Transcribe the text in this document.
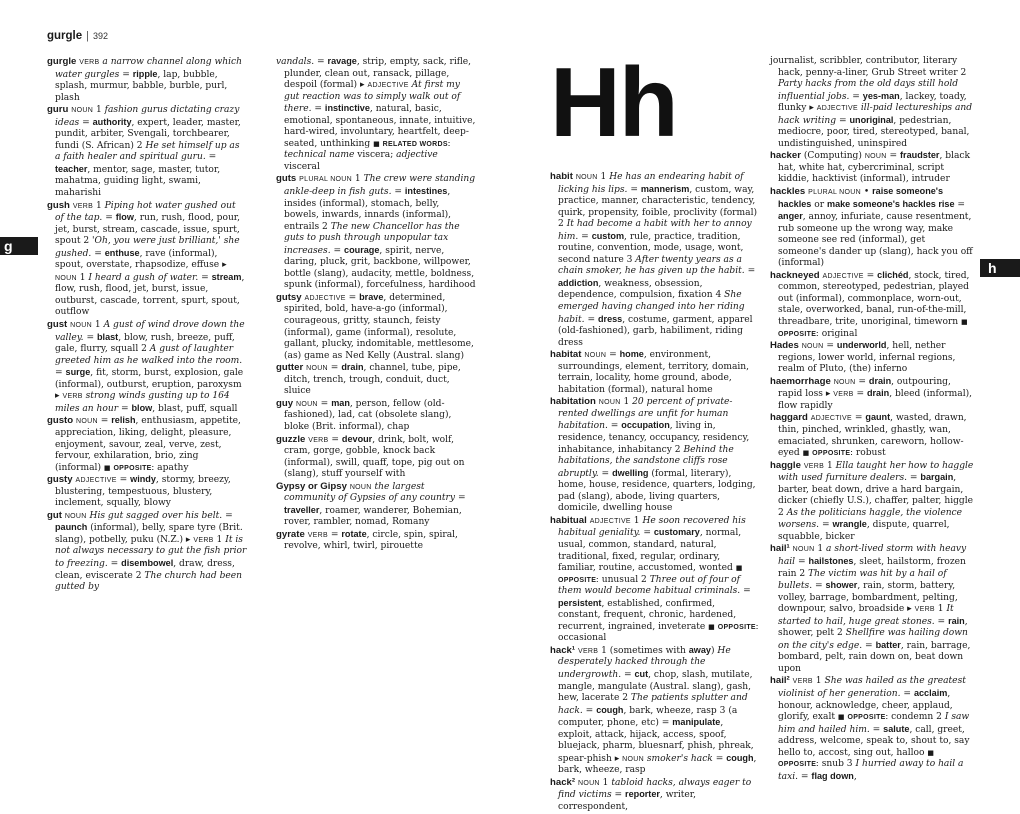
gurgle | 392

gurgle VERB a narrow channel along which water gurgles = ripple, lap, bubble, splash, murmur, babble, burble, purl, plash

guru NOUN 1 fashion gurus dictating crazy ideas = authority, expert, leader, master, pundit, arbiter, Svengali, torchbearer, fundi (S. African) 2 He set himself up as a faith healer and spiritual guru. = teacher, mentor, sage, master, tutor, mahatma, guiding light, swami, maharishi

gush VERB 1 Piping hot water gushed out of the tap. = flow, run, rush, flood, pour, jet, burst, stream, cascade, issue, spurt, spout 2 'Oh, you were just brilliant,' she gushed. = enthuse, rave (informal), spout, overstate, rhapsodize, effuse ▸ NOUN 1 I heard a gush of water. = stream, flow, rush, flood, jet, burst, issue, outburst, cascade, torrent, spurt, spout, outflow

gust NOUN 1 A gust of wind drove down the valley. = blast, blow, rush, breeze, puff, gale, flurry, squall 2 A gust of laughter greeted him as he walked into the room. = surge, fit, storm, burst, explosion, gale (informal), outburst, eruption, paroxysm ▸ VERB strong winds gusting up to 164 miles an hour = blow, blast, puff, squall

gusto NOUN = relish, enthusiasm, appetite, appreciation, liking, delight, pleasure, enjoyment, savour, zeal, verve, zest, fervour, exhilaration, brio, zing (informal) ■ OPPOSITE: apathy

gusty ADJECTIVE = windy, stormy, breezy, blustering, tempestuous, blustery, inclement, squally, blowy

gut NOUN His gut sagged over his belt. = paunch (informal), belly, spare tyre (Brit. slang), potbelly, puku (N.Z.) ▸ VERB 1 It is not always necessary to gut the fish prior to freezing. = disembowel, draw, dress, clean, eviscerate 2 The church had been gutted by

vandals. = ravage, strip, empty, sack, rifle, plunder, clean out, ransack, pillage, despoil (formal) ▸ ADJECTIVE At first my gut reaction was to simply walk out of there. = instinctive, natural, basic, emotional, spontaneous, innate, intuitive, hard-wired, involuntary, heartfelt, deep-seated, unthinking ■ RELATED WORDS: technical name viscera; adjective visceral

guts PLURAL NOUN 1 The crew were standing ankle-deep in fish guts. = intestines, insides (informal), stomach, belly, bowels, inwards, innards (informal), entrails 2 The new Chancellor has the guts to push through unpopular tax increases. = courage, spirit, nerve, daring, pluck, grit, backbone, willpower, bottle (slang), audacity, mettle, boldness, spunk (informal), forcefulness, hardihood

gutsy ADJECTIVE = brave, determined, spirited, bold, have-a-go (informal), courageous, gritty, staunch, feisty (informal), game (informal), resolute, gallant, plucky, indomitable, mettlesome, (as) game as Ned Kelly (Austral. slang)

gutter NOUN = drain, channel, tube, pipe, ditch, trench, trough, conduit, duct, sluice

guy NOUN = man, person, fellow (old-fashioned), lad, cat (obsolete slang), bloke (Brit. informal), chap

guzzle VERB = devour, drink, bolt, wolf, cram, gorge, gobble, knock back (informal), swill, quaff, tope, pig out on (slang), stuff yourself with

Gypsy or Gipsy NOUN the largest community of Gypsies of any country = traveller, roamer, wanderer, Bohemian, rover, rambler, nomad, Romany

gyrate VERB = rotate, circle, spin, spiral, revolve, whirl, twirl, pirouette

g
Hh

habit NOUN 1 He has an endearing habit of licking his lips. = mannerism, custom, way, practice, manner, characteristic, tendency, quirk, propensity, foible, proclivity (formal) 2 It had become a habit with her to annoy him. = custom, rule, practice, tradition, routine, convention, mode, usage, wont, second nature 3 After twenty years as a chain smoker, he has given up the habit. = addiction, weakness, obsession, dependence, compulsion, fixation 4 She emerged having changed into her riding habit. = dress, costume, garment, apparel (old-fashioned), garb, habiliment, riding dress

habitat NOUN = home, environment, surroundings, element, territory, domain, terrain, locality, home ground, abode, habitation (formal), natural home

habitation NOUN 1 20 percent of private-rented dwellings are unfit for human habitation. = occupation, living in, residence, tenancy, occupancy, residency, inhabitance, inhabitancy 2 Behind the habitations, the sandstone cliffs rose abruptly. = dwelling (formal, literary), home, house, residence, quarters, lodging, pad (slang), abode, living quarters, domicile, dwelling house

habitual ADJECTIVE 1 He soon recovered his habitual geniality. = customary, normal, usual, common, standard, natural, traditional, fixed, regular, ordinary, familiar, routine, accustomed, wonted ■ OPPOSITE: unusual 2 Three out of four of them would become habitual criminals. = persistent, established, confirmed, constant, frequent, chronic, hardened, recurrent, ingrained, inveterate ■ OPPOSITE: occasional

hack¹ VERB 1 (sometimes with away) He desperately hacked through the undergrowth. = cut, chop, slash, mutilate, mangle, mangulate (Austral. slang), gash, hew, lacerate 2 The patients splutter and hack. = cough, bark, wheeze, rasp 3 (a computer, phone, etc) = manipulate, exploit, attack, hijack, access, spoof, bluejack, pharm, bluesnarf, phish, phreak, spear-phish ▸ NOUN smoker's hack = cough, bark, wheeze, rasp

hack² NOUN 1 tabloid hacks, always eager to find victims = reporter, writer, correspondent,

journalist, scribbler, contributor, literary hack, penny-a-liner, Grub Street writer 2 Party hacks from the old days still hold influential jobs. = yes-man, lackey, toady, flunky ▸ ADJECTIVE ill-paid lectureships and hack writing = unoriginal, pedestrian, mediocre, poor, tired, stereotyped, banal, undistinguished, uninspired

hacker (Computing) NOUN = fraudster, black hat, white hat, cybercriminal, script kiddie, hacktivist (informal), intruder

hackles PLURAL NOUN • raise someone's hackles or make someone's hackles rise = anger, annoy, infuriate, cause resentment, rub someone up the wrong way, make someone see red (informal), get someone's dander up (slang), hack you off (informal)

hackneyed ADJECTIVE = clichéd, stock, tired, common, stereotyped, pedestrian, played out (informal), commonplace, worn-out, stale, overworked, banal, run-of-the-mill, threadbare, trite, unoriginal, timeworn ■ OPPOSITE: original

Hades NOUN = underworld, hell, nether regions, lower world, infernal regions, realm of Pluto, (the) inferno

haemorrhage NOUN = drain, outpouring, rapid loss ▸ VERB = drain, bleed (informal), flow rapidly

haggard ADJECTIVE = gaunt, wasted, drawn, thin, pinched, wrinkled, ghastly, wan, emaciated, shrunken, careworn, hollow-eyed ■ OPPOSITE: robust

haggle VERB 1 Ella taught her how to haggle with used furniture dealers. = bargain, barter, beat down, drive a hard bargain, dicker (chiefly U.S.), chaffer, palter, higgle 2 As the politicians haggle, the violence worsens. = wrangle, dispute, quarrel, squabble, bicker

hail¹ NOUN 1 a short-lived storm with heavy hail = hailstones, sleet, hailstorm, frozen rain 2 The victim was hit by a hail of bullets. = shower, rain, storm, battery, volley, barrage, bombardment, pelting, downpour, salvo, broadside ▸ VERB 1 It started to hail, huge great stones. = rain, shower, pelt 2 Shellfire was hailing down on the city's edge. = batter, rain, barrage, bombard, pelt, rain down on, beat down upon

hail² VERB 1 She was hailed as the greatest violinist of her generation. = acclaim, honour, acknowledge, cheer, applaud, glorify, exalt ■ OPPOSITE: condemn 2 I saw him and hailed him. = salute, call, greet, address, welcome, speak to, shout to, say hello to, accost, sing out, halloo ■ OPPOSITE: snub 3 I hurried away to hail a taxi. = flag down,

h
